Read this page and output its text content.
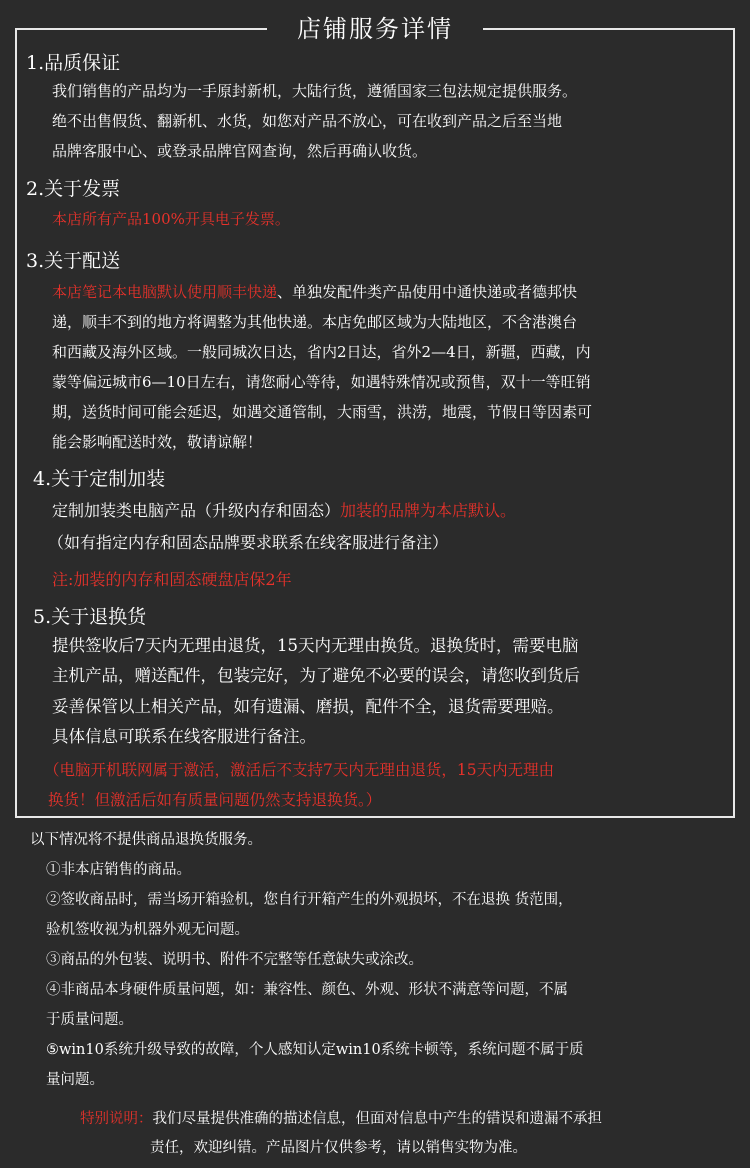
店铺服务详情
1.品质保证
我们销售的产品均为一手原封新机，大陆行货，遵循国家三包法规定提供服务。
绝不出售假货、翻新机、水货，如您对产品不放心，可在收到产品之后至当地
品牌客服中心、或登录品牌官网查询，然后再确认收货。
2.关于发票
本店所有产品100%开具电子发票。
3.关于配送
本店笔记本电脑默认使用顺丰快递、单独发配件类产品使用中通快递或者德邦快
递，顺丰不到的地方将调整为其他快递。本店免邮区域为大陆地区，不含港澳台
和西藏及海外区域。一般同城次日达，省内2日达，省外2—4日，新疆，西藏，内
蒙等偏远城市6—10日左右，请您耐心等待，如遇特殊情况或预售，双十一等旺销
期，送货时间可能会延迟，如遇交通管制，大雨雪，洪涝，地震，节假日等因素可
能会影响配送时效，敬请谅解！
4.关于定制加装
定制加装类电脑产品（升级内存和固态）加装的品牌为本店默认。
（如有指定内存和固态品牌要求联系在线客服进行备注）
注:加装的内存和固态硬盘店保2年
5.关于退换货
提供签收后7天内无理由退货，15天内无理由换货。退换货时，需要电脑
主机产品，赠送配件，包装完好，为了避免不必要的误会，请您收到货后
妥善保管以上相关产品，如有遗漏、磨损，配件不全，退货需要理赔。
具体信息可联系在线客服进行备注。
（电脑开机联网属于激活，激活后不支持7天内无理由退货，15天内无理由
换货！但激活后如有质量问题仍然支持退换货。）
以下情况将不提供商品退换货服务。
①非本店销售的商品。
②签收商品时，需当场开箱验机，您自行开箱产生的外观损坏，不在退换 货范围，
验机签收视为机器外观无问题。
③商品的外包装、说明书、附件不完整等任意缺失或涂改。
④非商品本身硬件质量问题，如：兼容性、颜色、外观、形状不满意等问题，不属
于质量问题。
⑤win10系统升级导致的故障，个人感知认定win10系统卡顿等，系统问题不属于质
量问题。
特别说明：我们尽量提供准确的描述信息，但面对信息中产生的错误和遗漏不承担
责任，欢迎纠错。产品图片仅供参考，请以销售实物为准。
